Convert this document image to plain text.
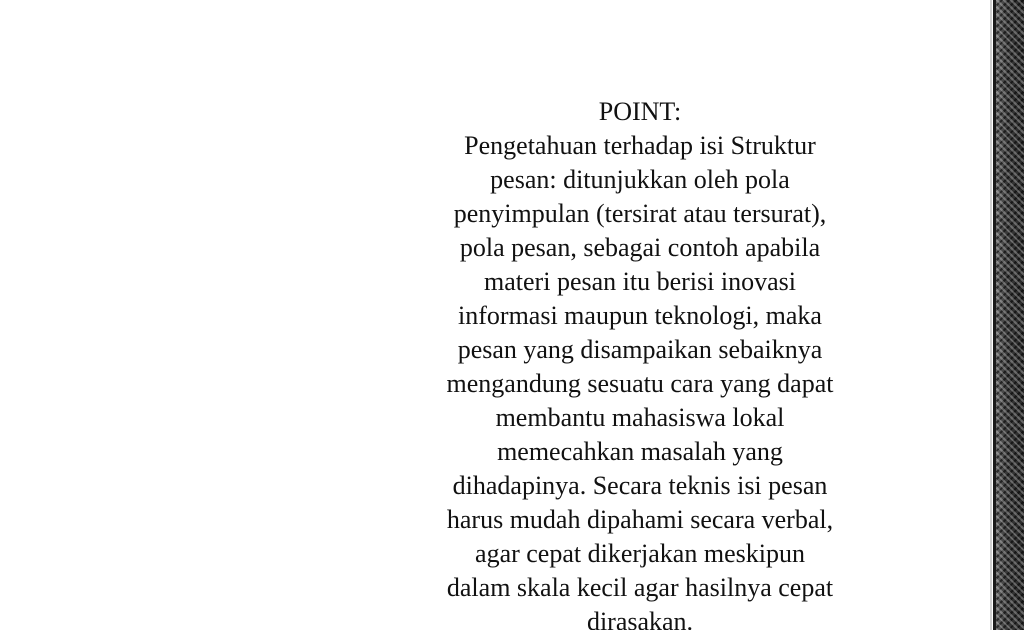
POINT:
Pengetahuan terhadap isi Struktur
pesan: ditunjukkan oleh pola
penyimpulan (tersirat atau tersurat),
pola pesan, sebagai contoh apabila
materi pesan itu berisi inovasi
informasi maupun teknologi, maka
pesan yang disampaikan sebaiknya
mengandung sesuatu cara yang dapat
membantu mahasiswa lokal
memecahkan masalah yang
dihadapinya. Secara teknis isi pesan
harus mudah dipahami secara verbal,
agar cepat dikerjakan meskipun
dalam skala kecil agar hasilnya cepat
dirasakan.
